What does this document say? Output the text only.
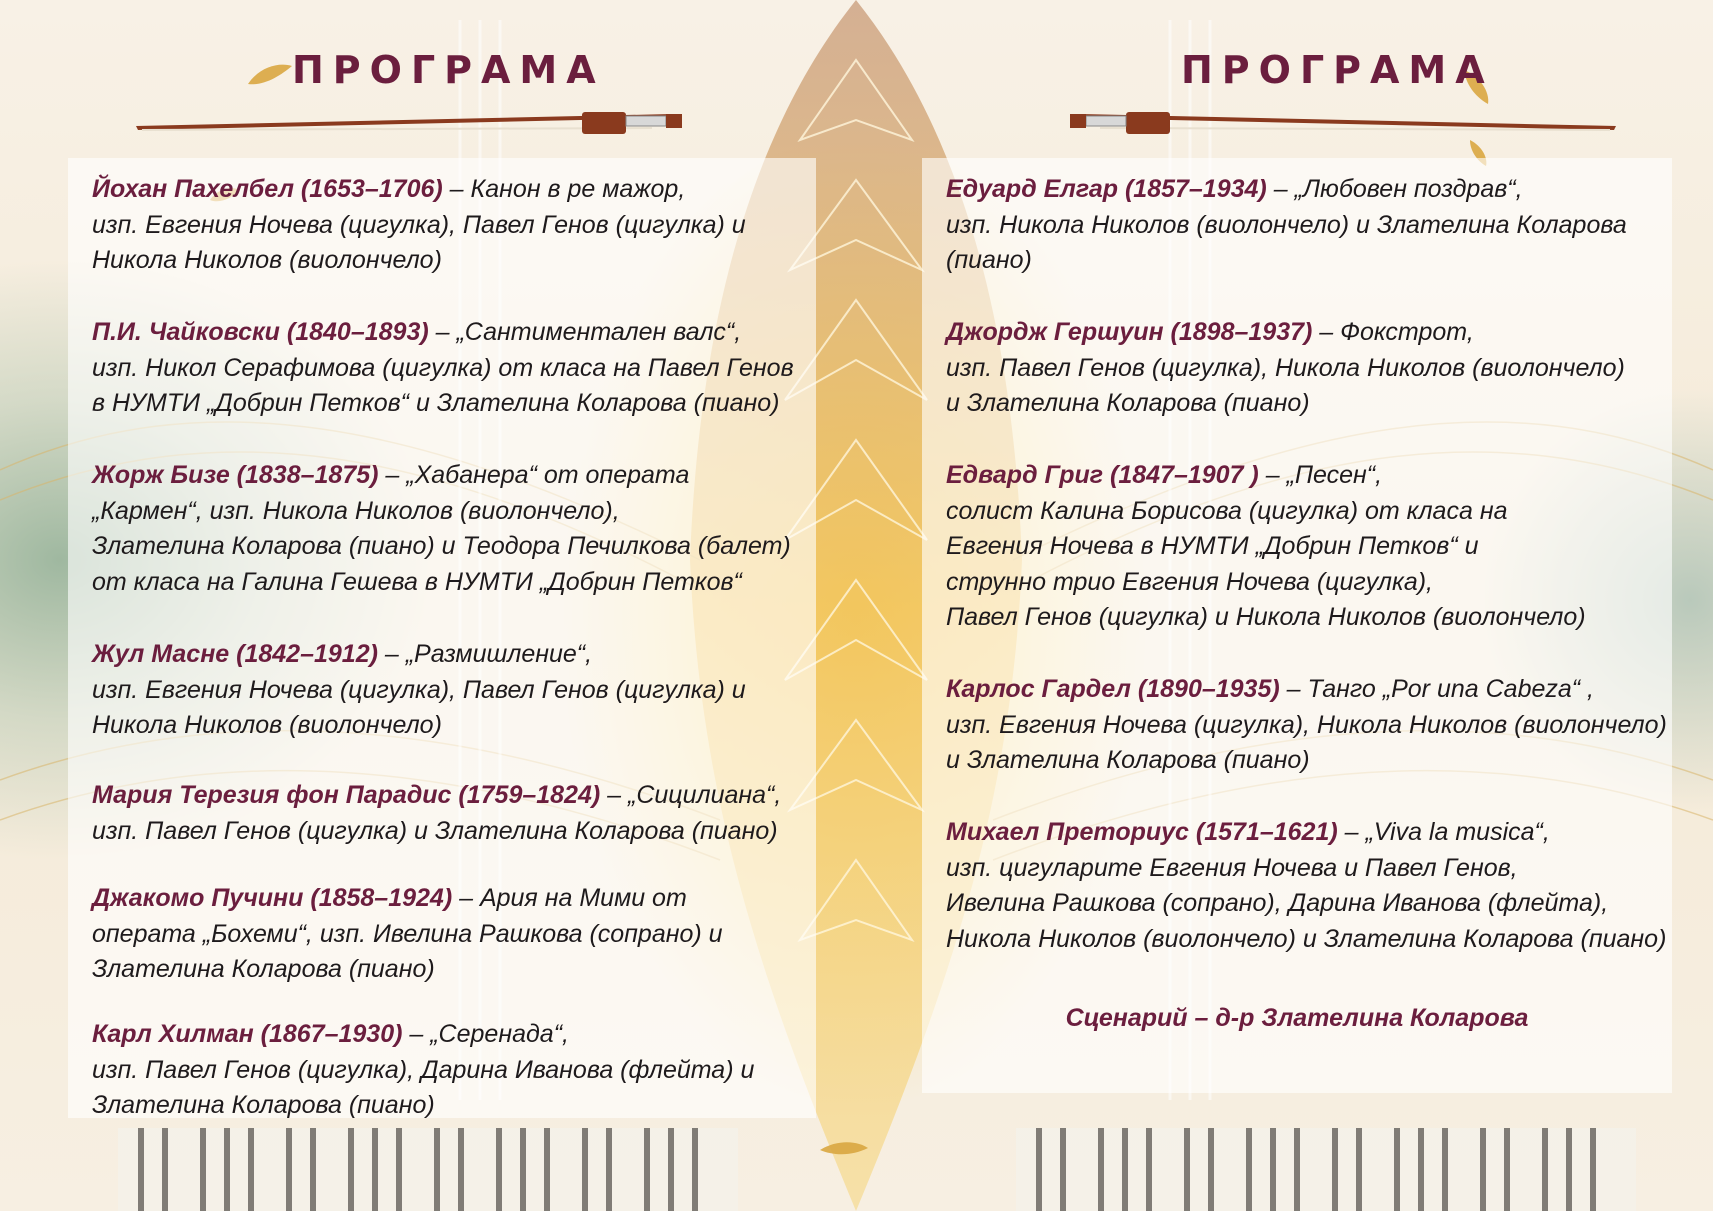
ПРОГРАМА
Йохан Пахелбел (1653–1706) – Канон в ре мажор,
изп. Евгения Ночева (цигулка), Павел Генов (цигулка) и
Никола Николов (виолончело)
П.И. Чайковски (1840–1893) – „Сантиментален валс“,
изп. Никол Серафимова (цигулка) от класа на Павел Генов
в НУМТИ „Добрин Петков“ и Злателина Коларова (пиано)
Жорж Бизе (1838–1875) – „Хабанера“ от операта
„Кармен“, изп. Никола Николов (виолончело),
Злателина Коларова (пиано) и Теодора Печилкова (балет)
от класа на Галина Гешева в НУМТИ „Добрин Петков“
Жул Масне (1842–1912) – „Размишление“,
изп. Евгения Ночева (цигулка), Павел Генов (цигулка) и
Никола Николов (виолончело)
Мария Терезия фон Парадис (1759–1824) – „Сицилиана“,
изп. Павел Генов (цигулка) и Злателина Коларова (пиано)
Джакомо Пучини (1858–1924) – Ария на Мими от
операта „Бохеми“, изп. Ивелина Рашкова (сопрано) и
Злателина Коларова (пиано)
Карл Хилман (1867–1930) – „Серенада“,
изп. Павел Генов (цигулка), Дарина Иванова (флейта) и
Злателина Коларова (пиано)
ПРОГРАМА
Едуард Елгар (1857–1934) – „Любовен поздрав“,
изп. Никола Николов (виолончело) и Злателина Коларова
(пиано)
Джордж Гершуин (1898–1937) – Фокстрот,
изп. Павел Генов (цигулка), Никола Николов (виолончело)
и Злателина Коларова (пиано)
Едвард Григ (1847–1907 ) – „Песен“,
солист Калина Борисова (цигулка) от класа на
Евгения Ночева в НУМТИ „Добрин Петков“ и
струнно трио Евгения Ночева (цигулка),
Павел Генов (цигулка) и Никола Николов (виолончело)
Карлос Гардел (1890–1935) – Танго „Por una Cabeza“ ,
изп. Евгения Ночева (цигулка), Никола Николов (виолончело)
и Злателина Коларова (пиано)
Михаел Преториус (1571–1621) – „Viva la musica“,
изп. цигуларите Евгения Ночева и Павел Генов,
Ивелина Рашкова (сопрано), Дарина Иванова (флейта),
Никола Николов (виолончело) и Злателина Коларова (пиано)
Сценарий – д-р Злателина Коларова
